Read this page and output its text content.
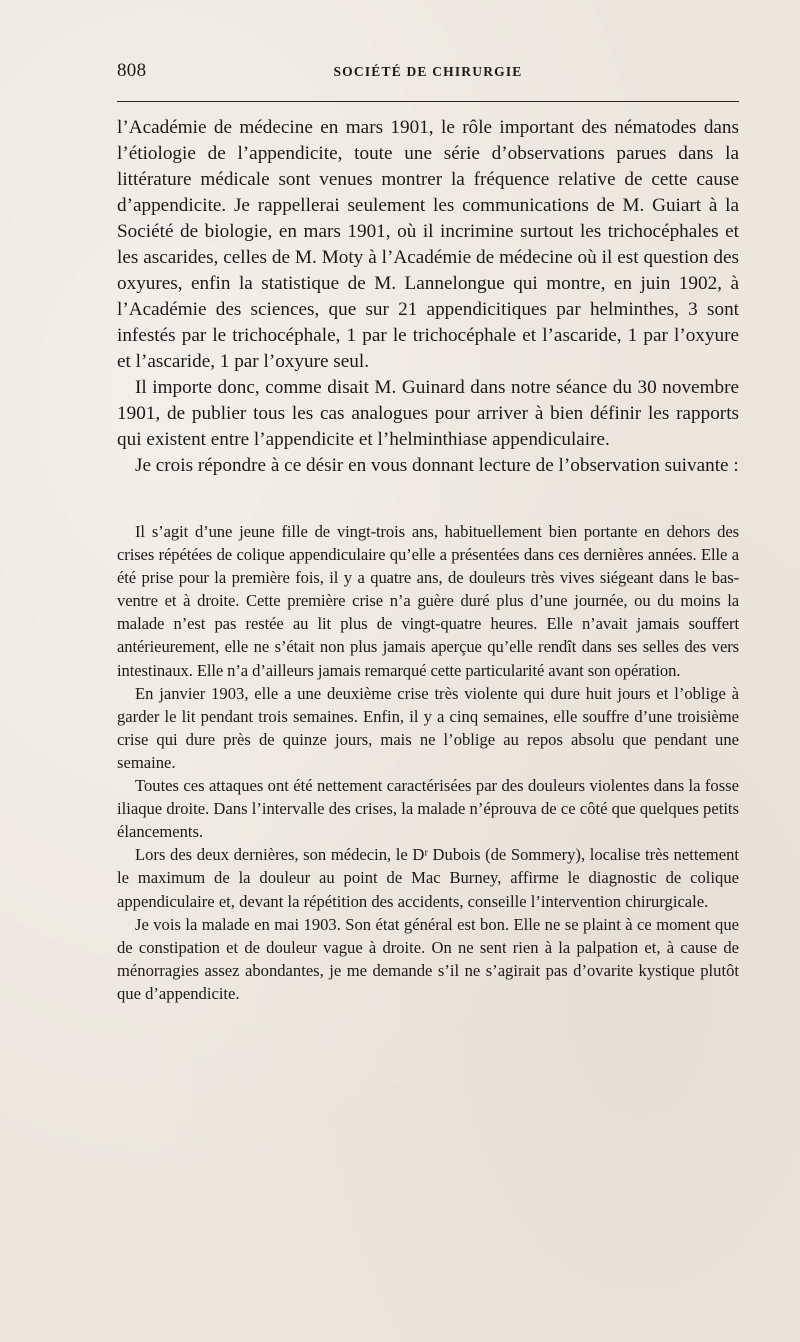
808	SOCIÉTÉ DE CHIRURGIE

l’Académie de médecine en mars 1901, le rôle important des nématodes dans l’étiologie de l’appendicite, toute une série d’observations parues dans la littérature médicale sont venues montrer la fréquence relative de cette cause d’appendicite. Je rappellerai seulement les communications de M. Guiart à la Société de biologie, en mars 1901, où il incrimine surtout les trichocéphales et les ascarides, celles de M. Moty à l’Académie de médecine où il est question des oxyures, enfin la statistique de M. Lannelongue qui montre, en juin 1902, à l’Académie des sciences, que sur 21 appendicitiques par helminthes, 3 sont infestés par le trichocéphale, 1 par le trichocéphale et l’ascaride, 1 par l’oxyure et l’ascaride, 1 par l’oxyure seul.

Il importe donc, comme disait M. Guinard dans notre séance du 30 novembre 1901, de publier tous les cas analogues pour arriver à bien définir les rapports qui existent entre l’appendicite et l’helminthiase appendiculaire.

Je crois répondre à ce désir en vous donnant lecture de l’observation suivante :

Il s’agit d’une jeune fille de vingt-trois ans, habituellement bien portante en dehors des crises répétées de colique appendiculaire qu’elle a présentées dans ces dernières années. Elle a été prise pour la première fois, il y a quatre ans, de douleurs très vives siégeant dans le bas-ventre et à droite. Cette première crise n’a guère duré plus d’une journée, ou du moins la malade n’est pas restée au lit plus de vingt-quatre heures. Elle n’avait jamais souffert antérieurement, elle ne s’était non plus jamais aperçue qu’elle rendît dans ses selles des vers intestinaux. Elle n’a d’ailleurs jamais remarqué cette particularité avant son opération.

En janvier 1903, elle a une deuxième crise très violente qui dure huit jours et l’oblige à garder le lit pendant trois semaines. Enfin, il y a cinq semaines, elle souffre d’une troisième crise qui dure près de quinze jours, mais ne l’oblige au repos absolu que pendant une semaine.

Toutes ces attaques ont été nettement caractérisées par des douleurs violentes dans la fosse iliaque droite. Dans l’intervalle des crises, la malade n’éprouva de ce côté que quelques petits élancements.

Lors des deux dernières, son médecin, le Dʳ Dubois (de Sommery), localise très nettement le maximum de la douleur au point de Mac Burney, affirme le diagnostic de colique appendiculaire et, devant la répétition des accidents, conseille l’intervention chirurgicale.

Je vois la malade en mai 1903. Son état général est bon. Elle ne se plaint à ce moment que de constipation et de douleur vague à droite. On ne sent rien à la palpation et, à cause de ménorragies assez abondantes, je me demande s’il ne s’agirait pas d’ovarite kystique plutôt que d’appendicite.
